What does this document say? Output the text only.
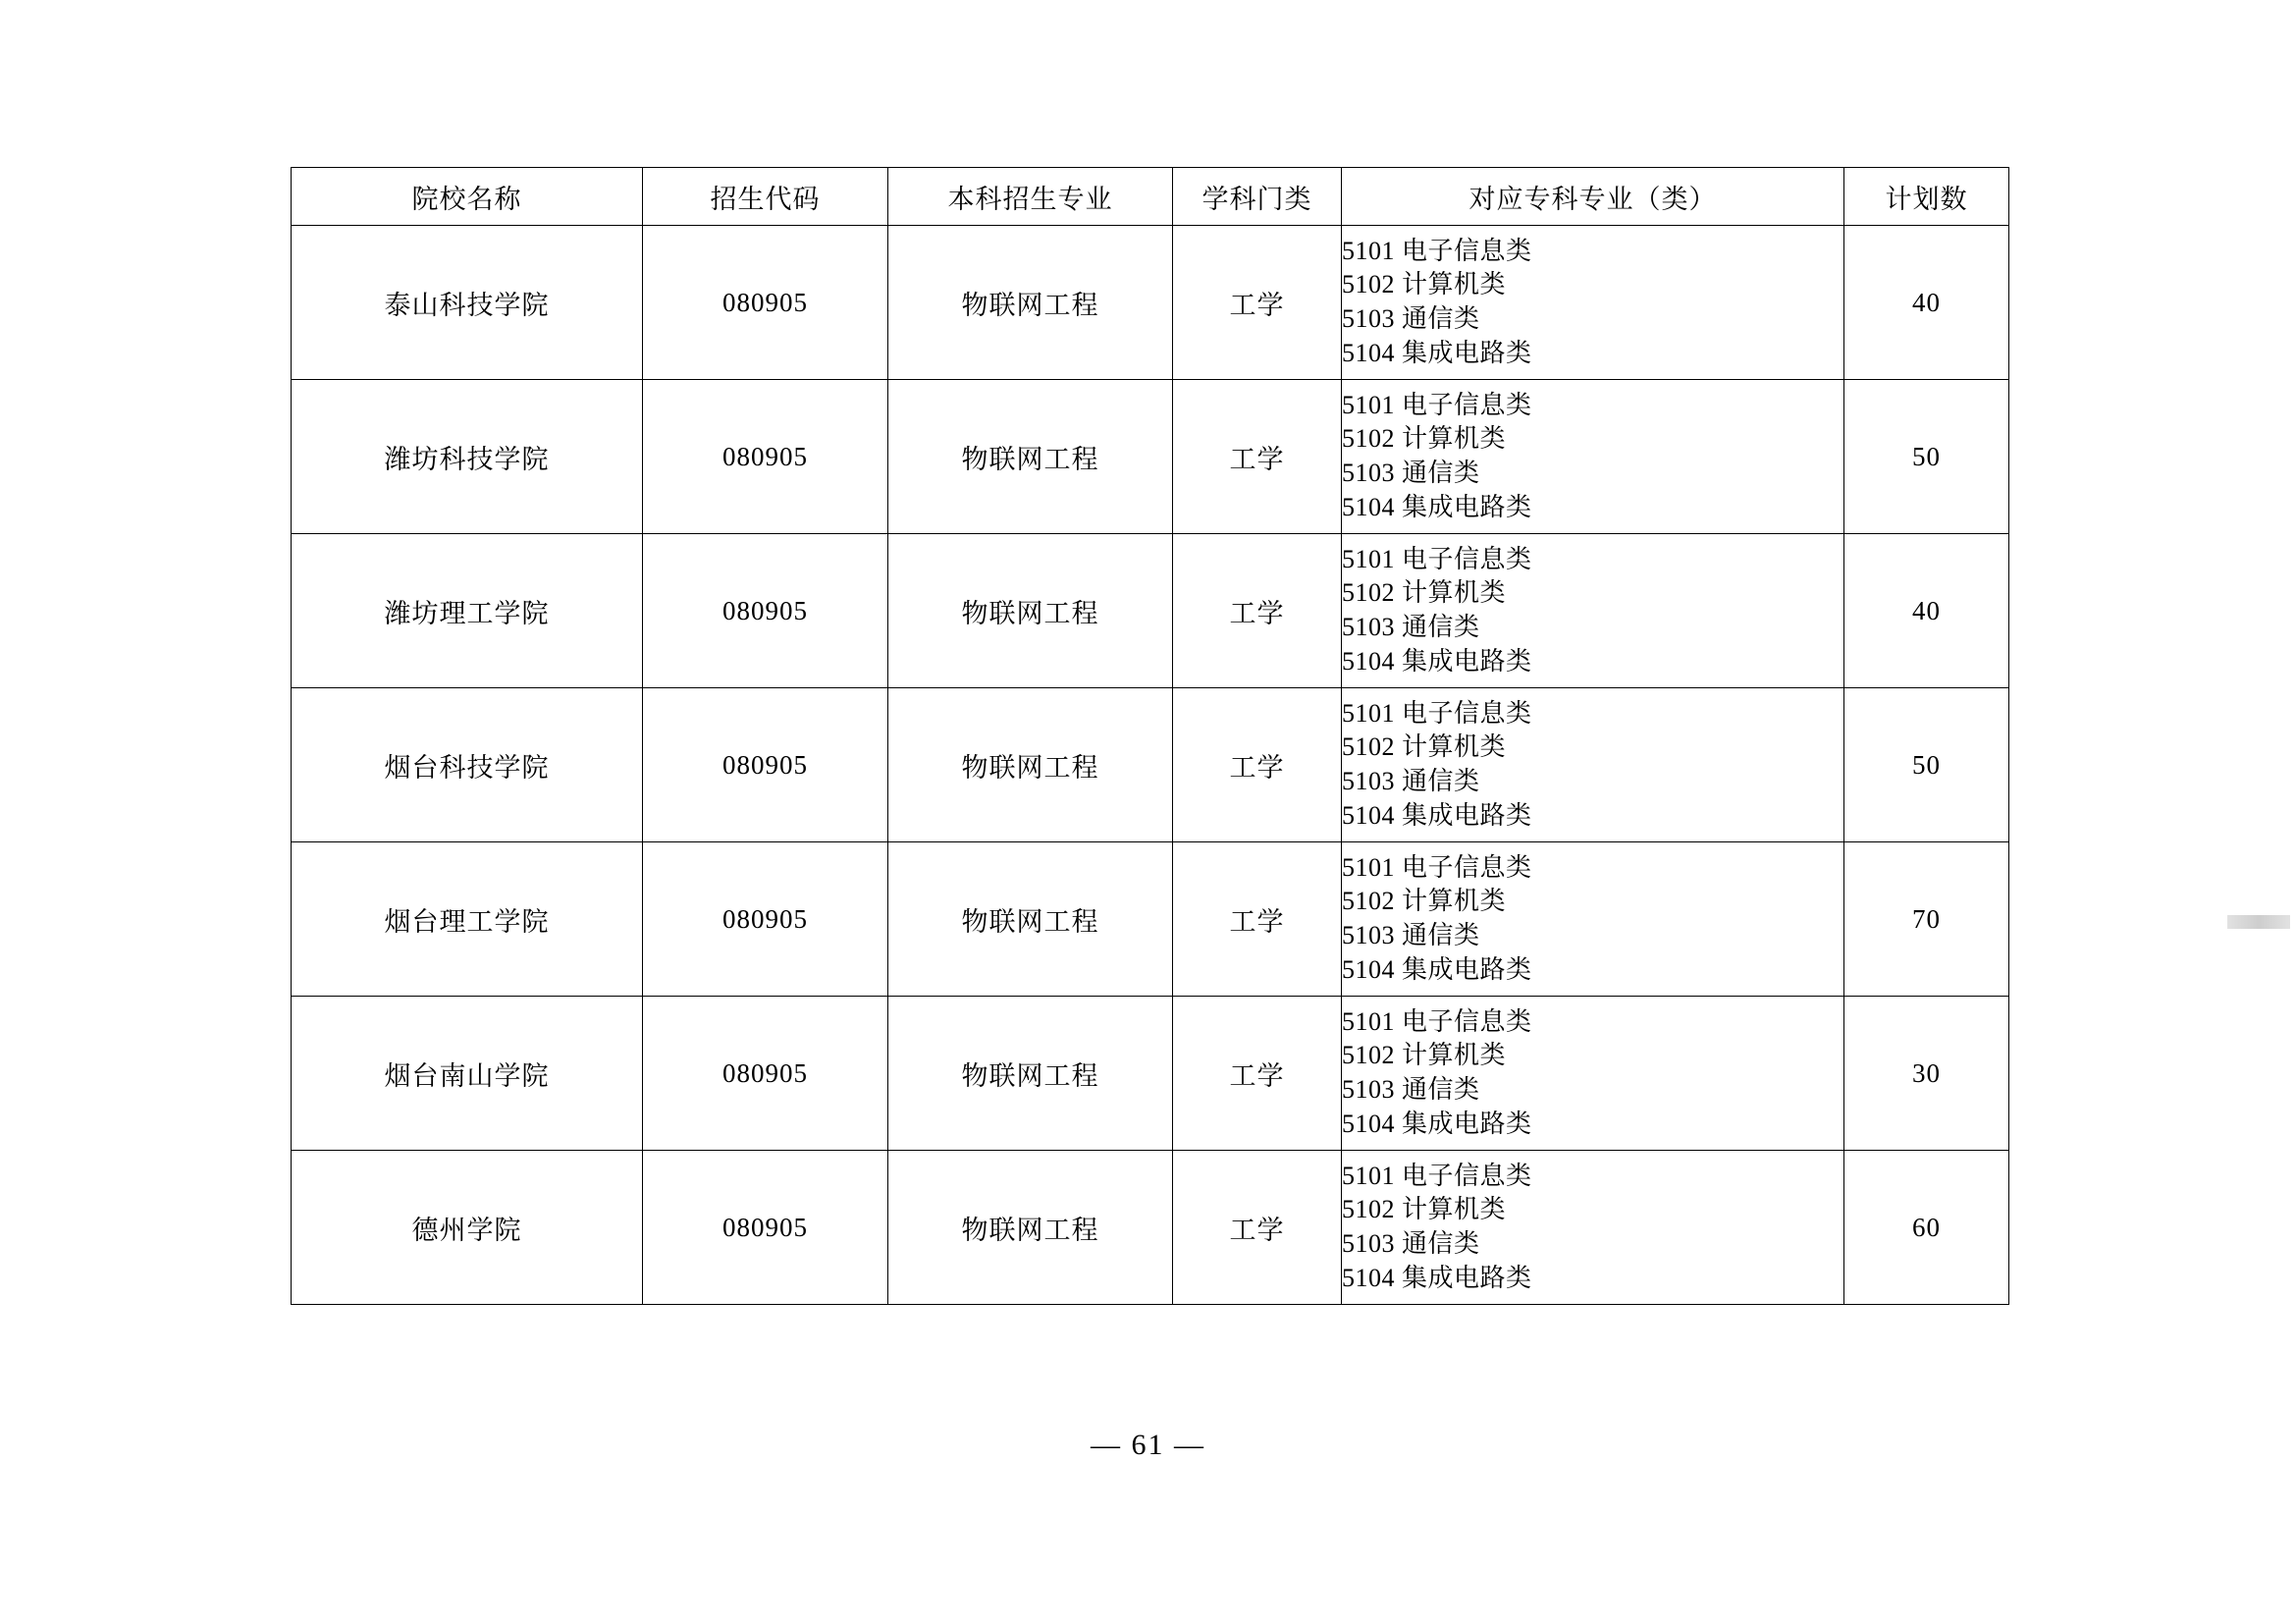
院校名称	招生代码	本科招生专业	学科门类	对应专科专业（类）	计划数
泰山科技学院	080905	物联网工程	工学	5101 电子信息类
5102 计算机类
5103 通信类
5104 集成电路类	40
潍坊科技学院	080905	物联网工程	工学	5101 电子信息类
5102 计算机类
5103 通信类
5104 集成电路类	50
潍坊理工学院	080905	物联网工程	工学	5101 电子信息类
5102 计算机类
5103 通信类
5104 集成电路类	40
烟台科技学院	080905	物联网工程	工学	5101 电子信息类
5102 计算机类
5103 通信类
5104 集成电路类	50
烟台理工学院	080905	物联网工程	工学	5101 电子信息类
5102 计算机类
5103 通信类
5104 集成电路类	70
烟台南山学院	080905	物联网工程	工学	5101 电子信息类
5102 计算机类
5103 通信类
5104 集成电路类	30
德州学院	080905	物联网工程	工学	5101 电子信息类
5102 计算机类
5103 通信类
5104 集成电路类	60
— 61 —
